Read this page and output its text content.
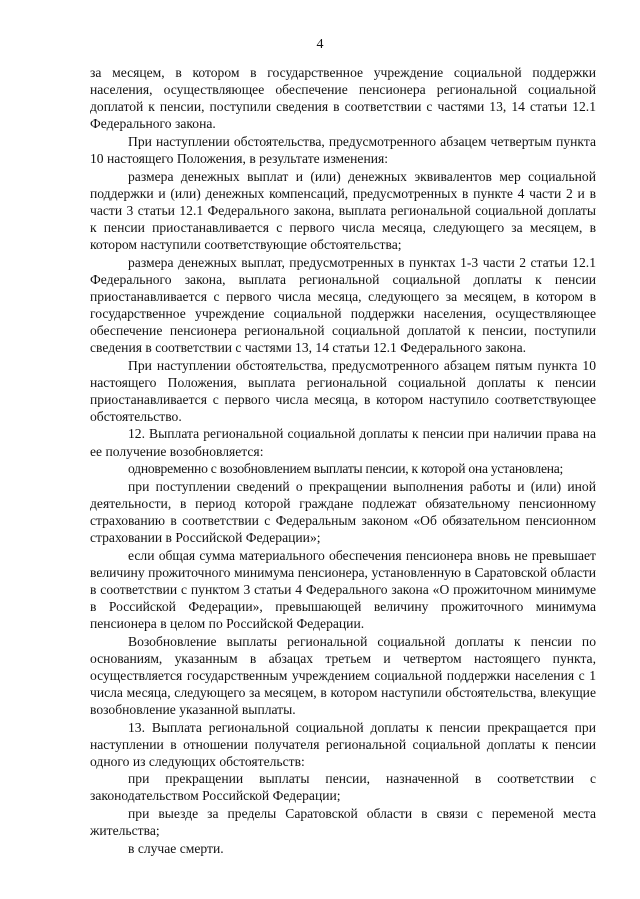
4

за месяцем, в котором в государственное учреждение социальной поддержки населения, осуществляющее обеспечение пенсионера региональной социальной доплатой к пенсии, поступили сведения в соответствии с частями 13, 14 статьи 12.1 Федерального закона.

При наступлении обстоятельства, предусмотренного абзацем четвертым пункта 10 настоящего Положения, в результате изменения:

размера денежных выплат и (или) денежных эквивалентов мер социальной поддержки и (или) денежных компенсаций, предусмотренных в пункте 4 части 2 и в части 3 статьи 12.1 Федерального закона, выплата региональной социальной доплаты к пенсии приостанавливается с первого числа месяца, следующего за месяцем, в котором наступили соответствующие обстоятельства;

размера денежных выплат, предусмотренных в пунктах 1-3 части 2 статьи 12.1 Федерального закона, выплата региональной социальной доплаты к пенсии приостанавливается с первого числа месяца, следующего за месяцем, в котором в государственное учреждение социальной поддержки населения, осуществляющее обеспечение пенсионера региональной социальной доплатой к пенсии, поступили сведения в соответствии с частями 13, 14 статьи 12.1 Федерального закона.

При наступлении обстоятельства, предусмотренного абзацем пятым пункта 10 настоящего Положения, выплата региональной социальной доплаты к пенсии приостанавливается с первого числа месяца, в котором наступило соответствующее обстоятельство.

12. Выплата региональной социальной доплаты к пенсии при наличии права на ее получение возобновляется:

одновременно с возобновлением выплаты пенсии, к которой она установлена;

при поступлении сведений о прекращении выполнения работы и (или) иной деятельности, в период которой граждане подлежат обязательному пенсионному страхованию в соответствии с Федеральным законом «Об обязательном пенсионном страховании в Российской Федерации»;

если общая сумма материального обеспечения пенсионера вновь не превышает величину прожиточного минимума пенсионера, установленную в Саратовской области в соответствии с пунктом 3 статьи 4 Федерального закона «О прожиточном минимуме в Российской Федерации», превышающей величину прожиточного минимума пенсионера в целом по Российской Федерации.

Возобновление выплаты региональной социальной доплаты к пенсии по основаниям, указанным в абзацах третьем и четвертом настоящего пункта, осуществляется государственным учреждением социальной поддержки населения с 1 числа месяца, следующего за месяцем, в котором наступили обстоятельства, влекущие возобновление указанной выплаты.

13. Выплата региональной социальной доплаты к пенсии прекращается при наступлении в отношении получателя региональной социальной доплаты к пенсии одного из следующих обстоятельств:

при прекращении выплаты пенсии, назначенной в соответствии с законодательством Российской Федерации;

при выезде за пределы Саратовской области в связи с переменой места жительства;

в случае смерти.
